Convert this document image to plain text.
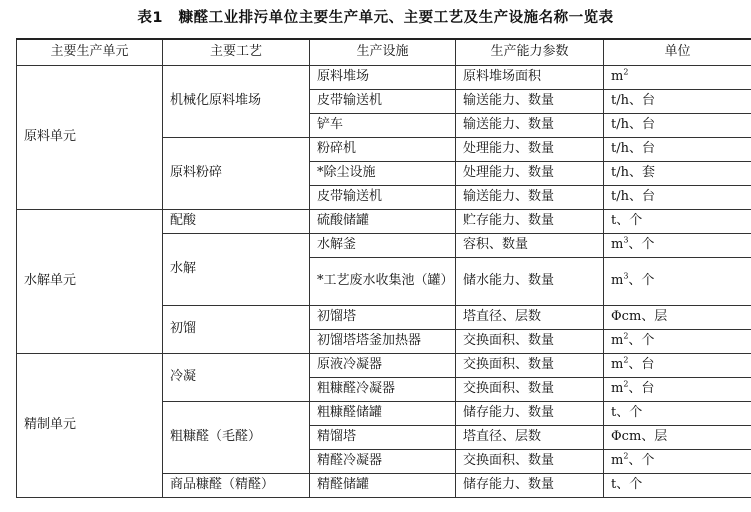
表1 糠醛工业排污单位主要生产单元、主要工艺及生产设施名称一览表
主要生产单元	主要工艺	生产设施	生产能力参数	单位
原料单元	机械化原料堆场	原料堆场	原料堆场面积	$m^2$
		皮带输送机	输送能力、数量	t/h、台
		铲车	输送能力、数量	t/h、台
	原料粉碎	粉碎机	处理能力、数量	t/h、台
		*除尘设施	处理能力、数量	t/h、套
		皮带输送机	输送能力、数量	t/h、台
水解单元	配酸	硫酸储罐	贮存能力、数量	t、个
	水解	水解釜	容积、数量	$m^3$、个
		*工艺废水收集池（罐）	储水能力、数量	$m^3$、个
	初馏	初馏塔	塔直径、层数	Φcm、层
		初馏塔塔釜加热器	交换面积、数量	$m^2$、个
精制单元	冷凝	原液冷凝器	交换面积、数量	$m^2$、台
		粗糠醛冷凝器	交换面积、数量	$m^2$、台
	粗糠醛（毛醛）	粗糠醛储罐	储存能力、数量	t、个
		精馏塔	塔直径、层数	Φcm、层
		精醛冷凝器	交换面积、数量	$m^2$、个
	商品糠醛（精醛）	精醛储罐	储存能力、数量	t、个
